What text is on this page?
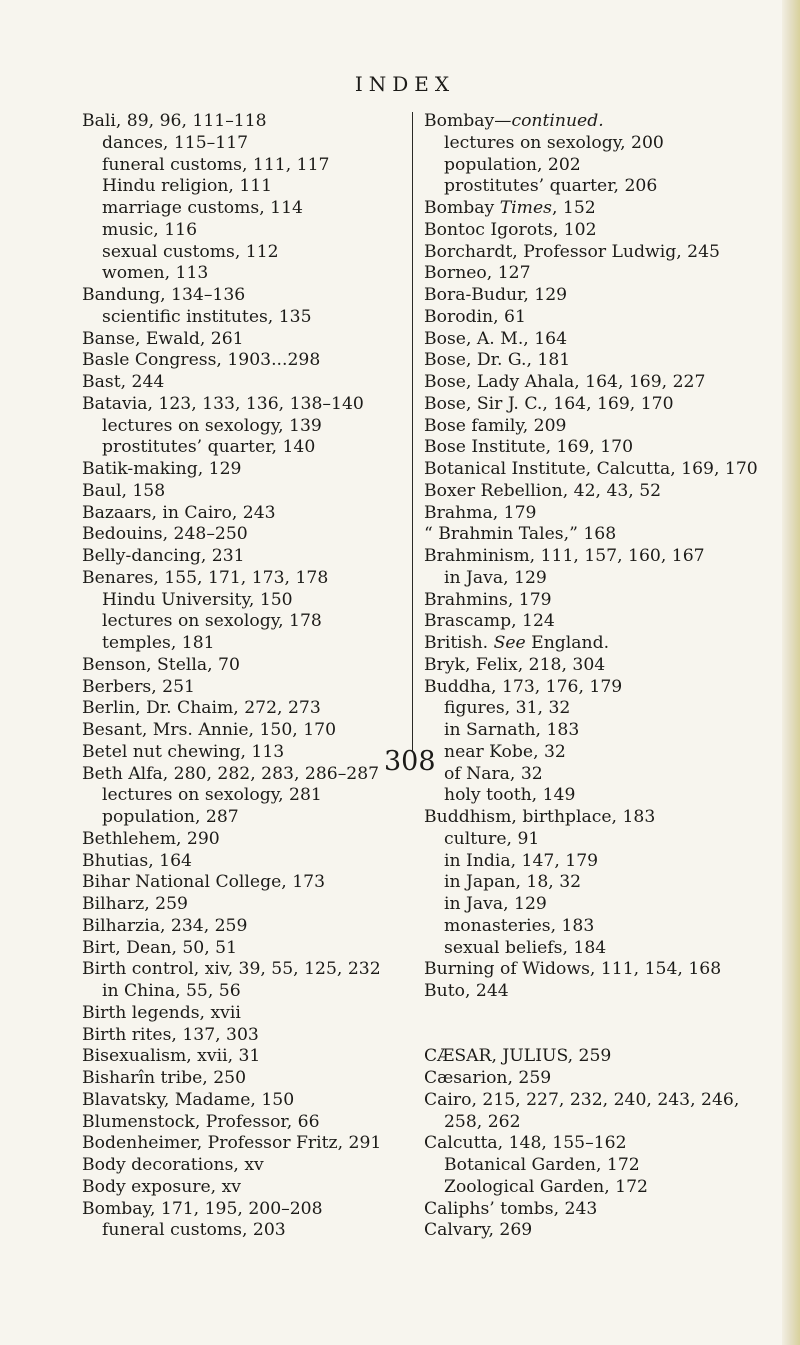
INDEX
Bali, 89, 96, 111–118
dances, 115–117
funeral customs, 111, 117
Hindu religion, 111
marriage customs, 114
music, 116
sexual customs, 112
women, 113
Bandung, 134–136
scientific institutes, 135
Banse, Ewald, 261
Basle Congress, 1903...298
Bast, 244
Batavia, 123, 133, 136, 138–140
lectures on sexology, 139
prostitutes’ quarter, 140
Batik-making, 129
Baul, 158
Bazaars, in Cairo, 243
Bedouins, 248–250
Belly-dancing, 231
Benares, 155, 171, 173, 178
Hindu University, 150
lectures on sexology, 178
temples, 181
Benson, Stella, 70
Berbers, 251
Berlin, Dr. Chaim, 272, 273
Besant, Mrs. Annie, 150, 170
Betel nut chewing, 113
Beth Alfa, 280, 282, 283, 286–287
lectures on sexology, 281
population, 287
Bethlehem, 290
Bhutias, 164
Bihar National College, 173
Bilharz, 259
Bilharzia, 234, 259
Birt, Dean, 50, 51
Birth control, xiv, 39, 55, 125, 232
in China, 55, 56
Birth legends, xvii
Birth rites, 137, 303
Bisexualism, xvii, 31
Bisharîn tribe, 250
Blavatsky, Madame, 150
Blumenstock, Professor, 66
Bodenheimer, Professor Fritz, 291
Body decorations, xv
Body exposure, xv
Bombay, 171, 195, 200–208
funeral customs, 203
Bombay—continued.
lectures on sexology, 200
population, 202
prostitutes’ quarter, 206
Bombay Times, 152
Bontoc Igorots, 102
Borchardt, Professor Ludwig, 245
Borneo, 127
Bora-Budur, 129
Borodin, 61
Bose, A. M., 164
Bose, Dr. G., 181
Bose, Lady Ahala, 164, 169, 227
Bose, Sir J. C., 164, 169, 170
Bose family, 209
Bose Institute, 169, 170
Botanical Institute, Calcutta, 169, 170
Boxer Rebellion, 42, 43, 52
Brahma, 179
“ Brahmin Tales,” 168
Brahminism, 111, 157, 160, 167
in Java, 129
Brahmins, 179
Brascamp, 124
British. See England.
Bryk, Felix, 218, 304
Buddha, 173, 176, 179
figures, 31, 32
in Sarnath, 183
near Kobe, 32
of Nara, 32
holy tooth, 149
Buddhism, birthplace, 183
culture, 91
in India, 147, 179
in Japan, 18, 32
in Java, 129
monasteries, 183
sexual beliefs, 184
Burning of Widows, 111, 154, 168
Buto, 244
CÆSAR, JULIUS, 259
Cæsarion, 259
Cairo, 215, 227, 232, 240, 243, 246,
258, 262
Calcutta, 148, 155–162
Botanical Garden, 172
Zoological Garden, 172
Caliphs’ tombs, 243
Calvary, 269
308
